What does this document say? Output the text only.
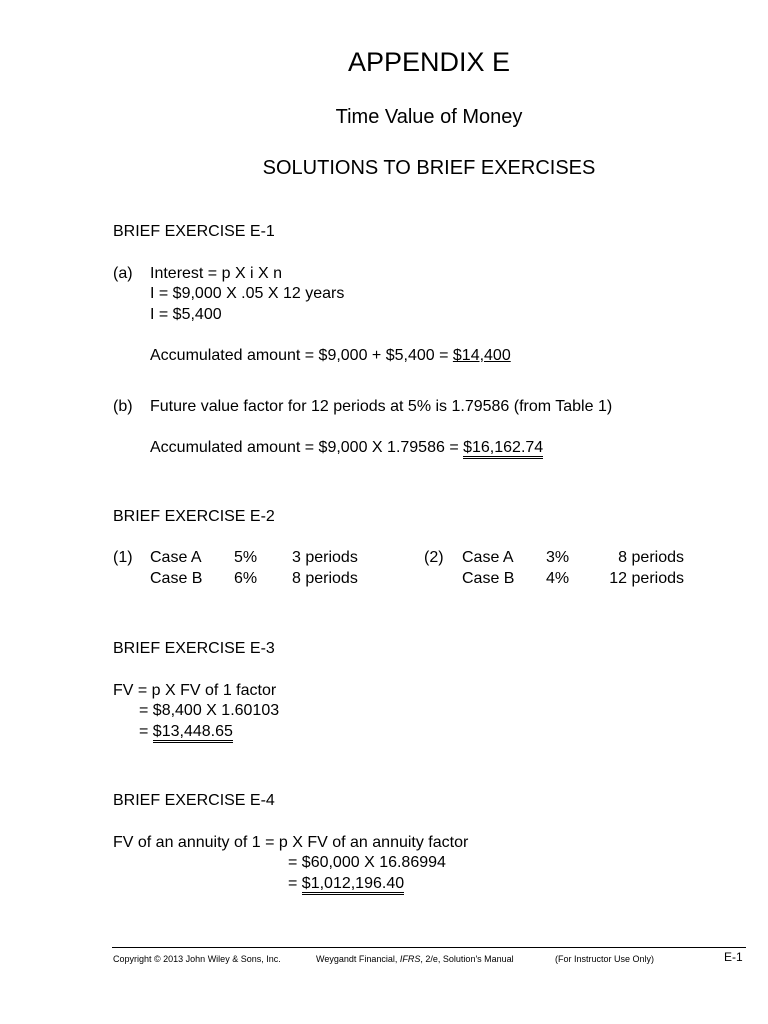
APPENDIX E
Time Value of Money
SOLUTIONS TO BRIEF EXERCISES
BRIEF EXERCISE E-1
(a) Interest = p X i X n
I = $9,000 X .05 X 12 years
I = $5,400
Accumulated amount = $9,000 + $5,400 = $14,400
(b) Future value factor for 12 periods at 5% is 1.79586 (from Table 1)
Accumulated amount = $9,000 X 1.79586 = $16,162.74
BRIEF EXERCISE E-2
(1) Case A 5% 3 periods
Case B 6% 8 periods
(2) Case A 3%	8 periods
Case B 4%	12 periods
BRIEF EXERCISE E-3
FV = p X FV of 1 factor
= $8,400 X 1.60103
= $13,448.65
BRIEF EXERCISE E-4
FV of an annuity of 1 = p X FV of an annuity factor
= $60,000 X 16.86994
= $1,012,196.40
Copyright © 2013 John Wiley & Sons, Inc.	Weygandt Financial, IFRS, 2/e, Solution's Manual	(For Instructor Use Only)	E-1
